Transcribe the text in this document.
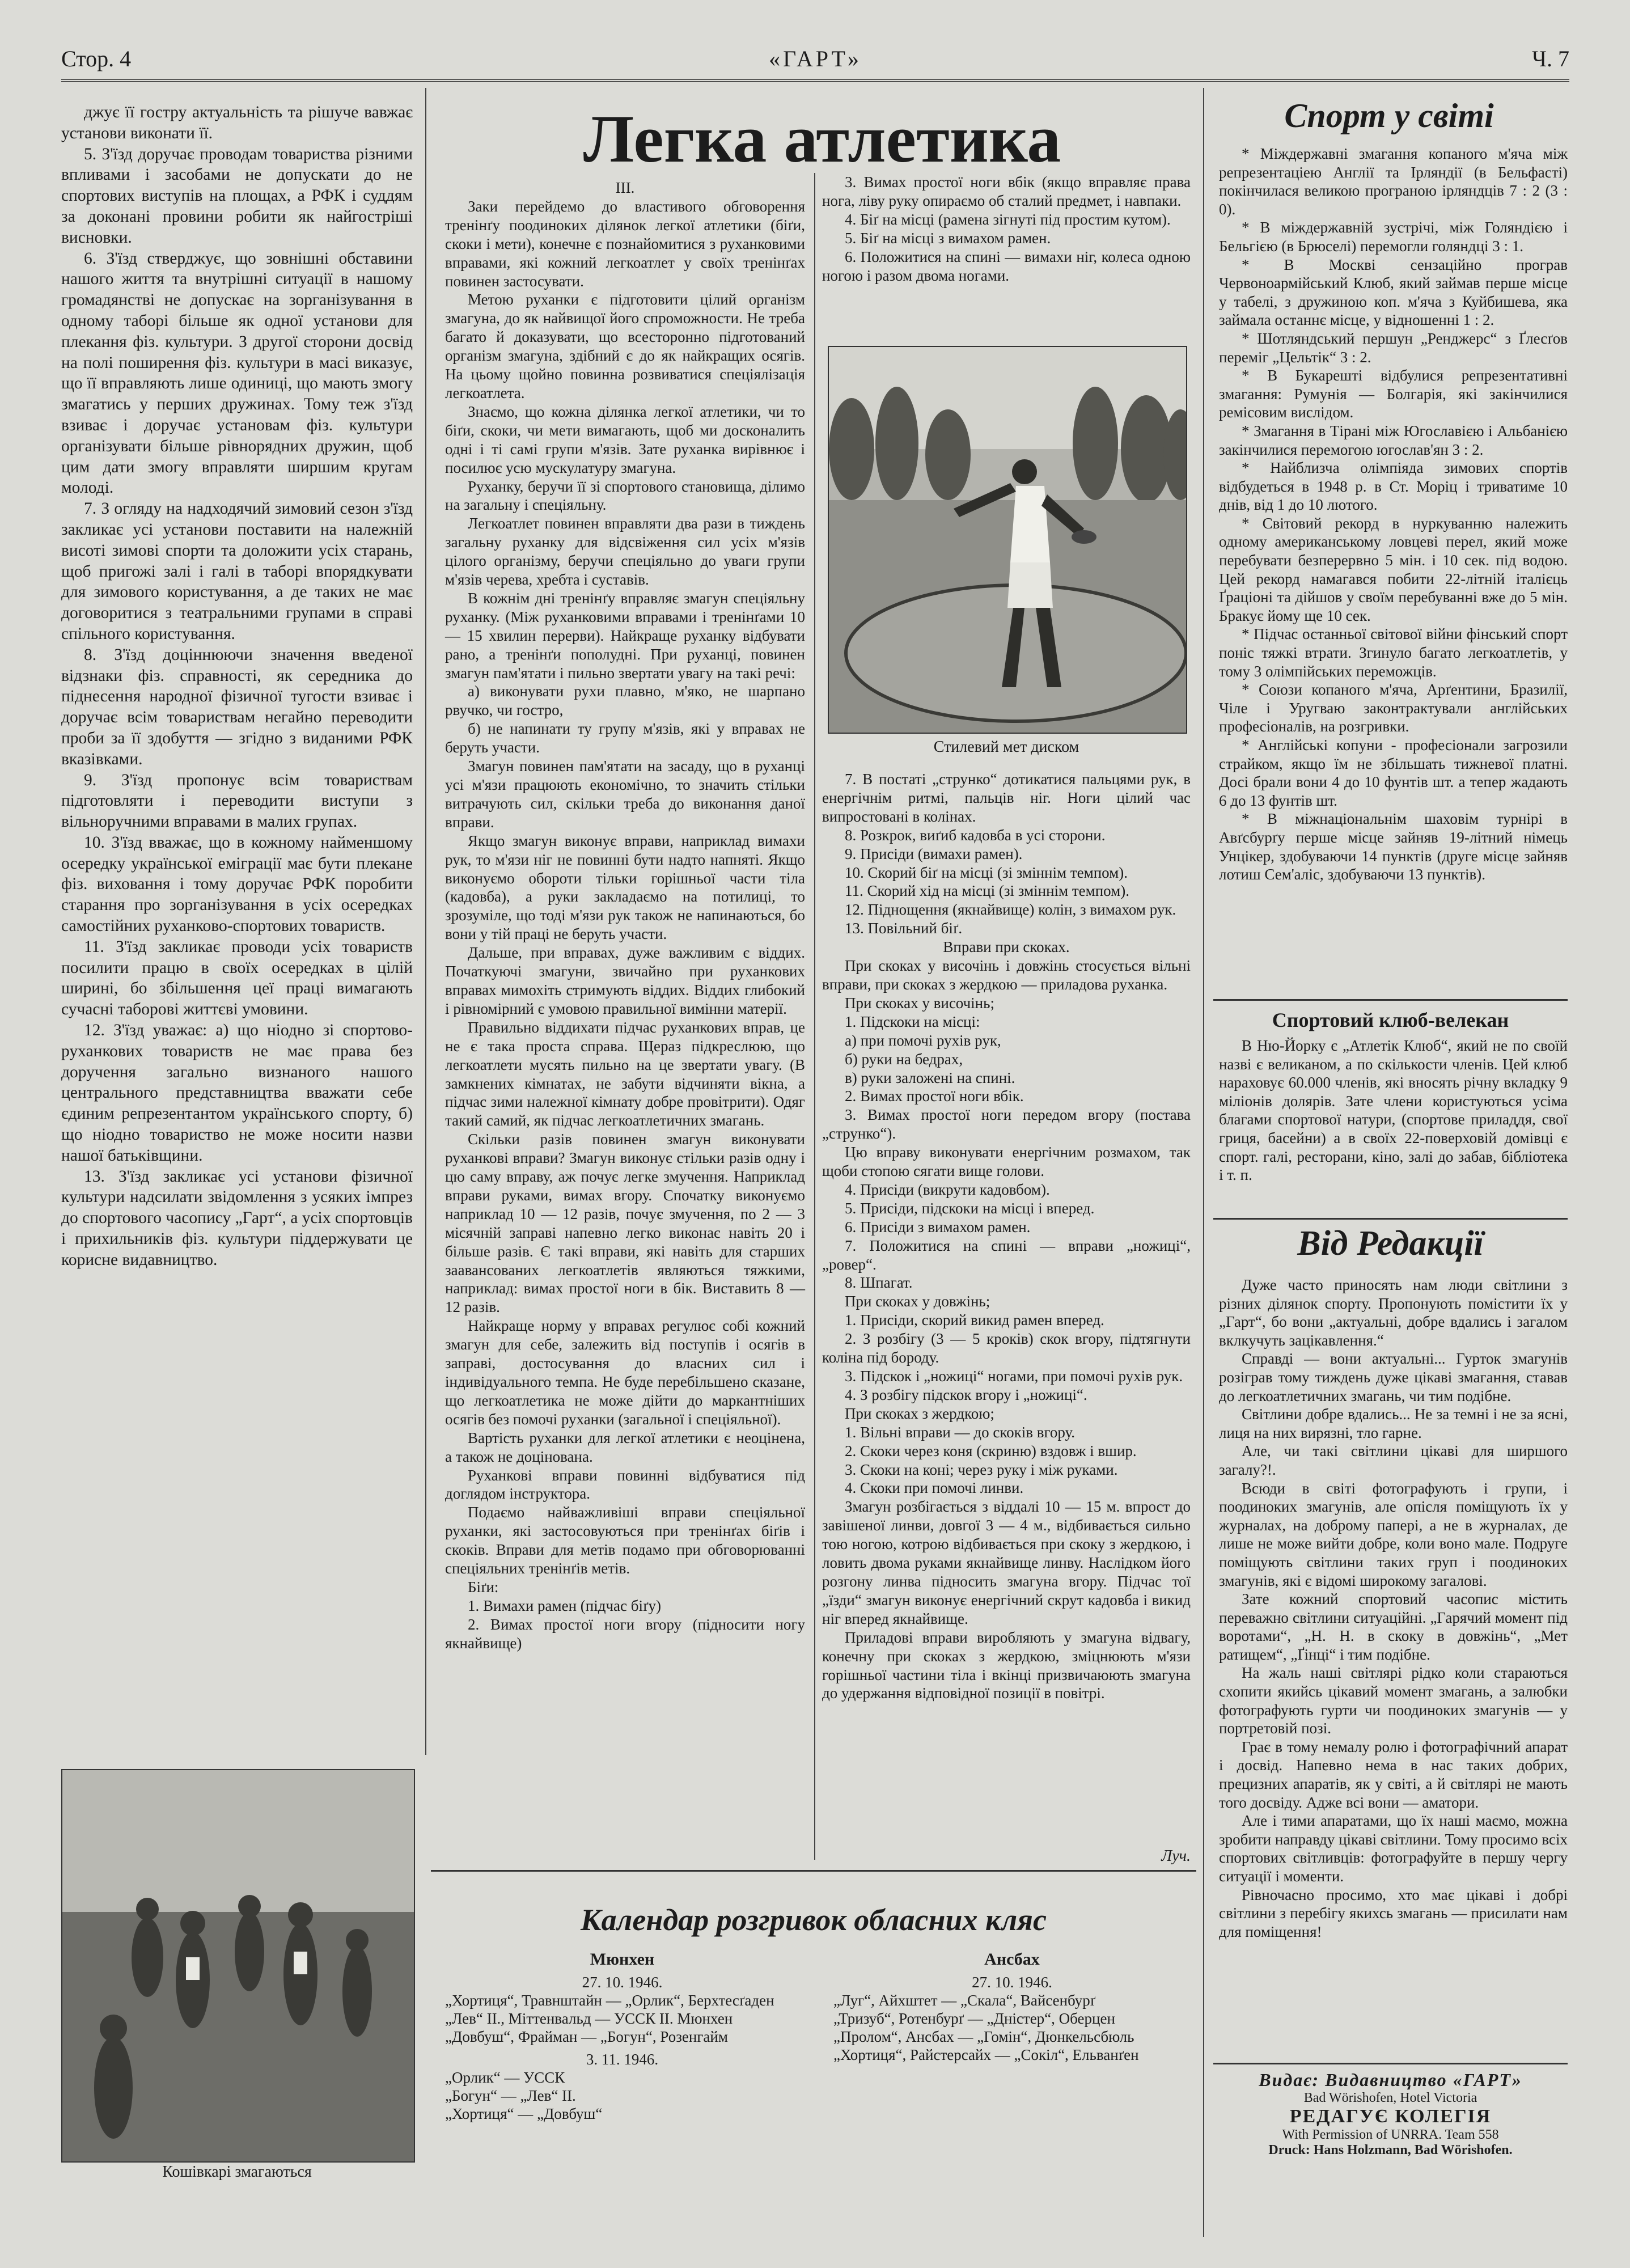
Стор. 4	«ГАРТ»	Ч. 7

джує її гостру актуальність та рішуче вавжає установи виконати її.

5. З'їзд доручає проводам товариства різними впливами і засобами не допускати до не спортових виступів на площах, а РФК і суддям за доконані провини робити як найгостріші висновки.

6. З'їзд стверджує, що зовнішні обставини нашого життя та внутрішні ситуації в нашому громадянстві не допускає на зорганізування в одному таборі більше як одної установи для плекання фіз. культури. З другої сторони досвід на полі поширення фіз. культури в масі виказує, що її вправляють лише одиниці, що мають змогу змагатись у перших дружинах. Тому теж з'їзд взиває і доручає установам фіз. культури організувати більше рівнорядних дружин, щоб цим дати змогу вправляти ширшим кругам молоді.

7. З огляду на надходячий зимовий сезон з'їзд закликає усі установи поставити на належній висоті зимові спорти та доложити усіх старань, щоб пригожі залі і галі в таборі впорядкувати для зимового користування, а де таких не має договоритися з театральними групами в справі спільного користування.

8. З'їзд доціннюючи значення введеної відзнаки фіз. справності, як середника до піднесення народної фізичної тугости взиває і доручає всім товариствам негайно переводити проби за її здобуття — згідно з виданими РФК вказівками.

9. З'їзд пропонує всім товариствам підготовляти і переводити виступи з вільноручними вправами в малих групах.

10. З'їзд вважає, що в кожному найменшому осередку української еміграції має бути плекане фіз. виховання і тому доручає РФК поробити старання про зорганізування в усіх осередках самостійних руханково-спортових товариств.

11. З'їзд закликає проводи усіх товариств посилити працю в своїх осередках в цілій ширині, бо збільшення цеї праці вимагають сучасні таборові життєві умовини.

12. З'їзд уважає: а) що ніодно зі спортово-руханкових товариств не має права без доручення загально визнаного нашого центрального представництва вважати себе єдиним репрезентантом українського спорту, б) що ніодно товариство не може носити назви нашої батьківщини.

13. З'їзд закликає усі установи фізичної культури надсилати звідомлення з усяких імпрез до спортового часопису „Гарт“, а усіх спортовців і прихильників фіз. культури піддержувати це корисне видавництво.

Кошівкарі змагаються
Легка атлетика

III.

Заки перейдемо до властивого обговорення тренінґу поодиноких ділянок легкої атлетики (біґи, скоки і мети), конечне є познайомитися з руханковими вправами, які кожний легкоатлет у своїх тренінґах повинен застосувати.

Метою руханки є підготовити цілий організм змагуна, до як найвищої його спроможности. Не треба багато й доказувати, що всесторонно підготований організм змагуна, здібний є до як найкращих осягів. На цьому щойно повинна розвиватися спеціялізація легкоатлета.

Знаємо, що кожна ділянка легкої атлетики, чи то біґи, скоки, чи мети вимагають, щоб ми досконалить одні і ті самі групи м'язів. Зате руханка вирівнює і посилює усю мускулатуру змагуна.

Руханку, беручи її зі спортового становища, ділимо на загальну і спеціяльну.

Легкоатлет повинен вправляти два рази в тиждень загальну руханку для відсвіження сил усіх м'язів цілого організму, беручи спеціяльно до уваги групи м'язів черева, хребта і суставів.

В кожнім дні тренінґу вправляє змагун спеціяльну руханку. (Між руханковими вправами і тренінґами 10 — 15 хвилин перерви). Найкраще руханку відбувати рано, а тренінґи пополудні. При руханці, повинен змагун пам'ятати і пильно звертати увагу на такі речі:

а) виконувати рухи плавно, м'яко, не шарпано рвучко, чи гостро,

б) не напинати ту групу м'язів, які у вправах не беруть участи.

Змагун повинен пам'ятати на засаду, що в руханці усі м'язи працюють економічно, то значить стільки витрачують сил, скільки треба до виконання даної вправи.

Якщо змагун виконує вправи, наприклад вимахи рук, то м'язи ніг не повинні бути надто напняті. Якщо виконуємо обороти тільки горішньої части тіла (кадовба), а руки закладаємо на потилиці, то зрозуміле, що тоді м'язи рук також не напинаються, бо вони у тій праці не беруть участи.

Дальше, при вправах, дуже важливим є віддих. Початкуючі змагуни, звичайно при руханкових вправах мимохіть стримують віддих. Віддих глибокий і рівномірний є умовою правильної вимінни матерії.

Правильно віддихати підчас руханкових вправ, це не є така проста справа. Щераз підкреслюю, що легкоатлети мусять пильно на це звертати увагу. (В замкнених кімнатах, не забути відчиняти вікна, а підчас зими належної кімнату добре провітрити). Одяг такий самий, як підчас легкоатлетичних змагань.

Скільки разів повинен змагун виконувати руханкові вправи? Змагун виконує стільки разів одну і цю саму вправу, аж почує легке змучення. Наприклад вправи руками, вимах вгору. Спочатку виконуємо наприклад 10 — 12 разів, почує змучення, по 2 — 3 місячній заправі напевно легко виконає навіть 20 і більше разів. Є такі вправи, які навіть для старших заавансованих легкоатлетів являються тяжкими, наприклад: вимах простої ноги в бік. Виставить 8 — 12 разів.

Найкраще норму у вправах регулює собі кожний змагун для себе, залежить від поступів і осягів в заправі, достосування до власних сил і індивідуального темпа. Не буде перебільшено сказане, що легкоатлетика не може дійти до маркантніших осягів без помочі руханки (загальної і спеціяльної).

Вартість руханки для легкої атлетики є неоцінена, а також не доцінована.

Руханкові вправи повинні відбуватися під доглядом інструктора.

Подаємо найважливіші вправи спеціяльної руханки, які застосовуються при тренінґах біґів і скоків. Вправи для метів подамо при обговорюванні спеціяльних тренінґів метів.

Біґи:

1. Вимахи рамен (підчас біґу)

2. Вимах простої ноги вгору (підносити ногу якнайвище)

3. Вимах простої ноги вбік (якщо вправляє права нога, ліву руку опираємо об сталий предмет, і навпаки.

4. Біґ на місці (рамена зігнуті під простим кутом).

5. Біґ на місці з вимахом рамен.

6. Положитися на спині — вимахи ніг, колеса одною ногою і разом двома ногами.

Стилевий мет диском

7. В постаті „струнко“ дотикатися пальцями рук, в енергічнім ритмі, пальців ніг. Ноги цілий час випростовані в колінах.

8. Розкрок, виґиб кадовба в усі сторони.

9. Присіди (вимахи рамен).

10. Скорий біґ на місці (зі зміннім темпом).

11. Скорий хід на місці (зі зміннім темпом).

12. Піднощення (якнайвище) колін, з вимахом рук.

13. Повільний біґ.

Вправи при скоках.

При скоках у височінь і довжінь стосується вільні вправи, при скоках з жердкою — приладова руханка.

При скоках у височінь;

1. Підскоки на місці:

а) при помочі рухів рук,

б) руки на бедрах,

в) руки заложені на спині.

2. Вимах простої ноги вбік.

3. Вимах простої ноги передом вгору (постава „струнко“).

Цю вправу виконувати енергічним розмахом, так щоби стопою сягати вище голови.

4. Присіди (викрути кадовбом).

5. Присіди, підскоки на місці і вперед.

6. Присіди з вимахом рамен.

7. Положитися на спині — вправи „ножиці“, „ровер“.

8. Шпагат.

При скоках у довжінь;

1. Присіди, скорий викид рамен вперед.

2. З розбігу (3 — 5 кроків) скок вгору, підтягнути коліна під бороду.

3. Підскок і „ножиці“ ногами, при помочі рухів рук.

4. З розбігу підскок вгору і „ножиці“.

При скоках з жердкою;

1. Вільні вправи — до скоків вгору.

2. Скоки через коня (скриню) вздовж і вшир.

3. Скоки на коні; через руку і між руками.

4. Скоки при помочі линви.

Змагун розбігається з віддалі 10 — 15 м. впрост до завішеної линви, довгої 3 — 4 м., відбивається сильно тою ногою, котрою відбивається при скоку з жердкою, і ловить двома руками якнайвище линву. Наслідком його розгону линва підносить змагуна вгору. Підчас тої „їзди“ змагун виконує енергічний скрут кадовба і викид ніг вперед якнайвище.

Приладові вправи виробляють у змагуна відвагу, конечну при скоках з жердкою, зміцнюють м'язи горішньої частини тіла і вкінці призвичаюють змагуна до удержання відповідної позиції в повітрі.

Луч.
Календар розгривок обласних кляс
Мюнхен
27. 10. 1946.

„Хортиця“, Травнштайн — „Орлик“, Берхтесґаден

„Лев“ II., Міттенвальд — УССК II. Мюнхен

„Довбуш“, Фрайман — „Богун“, Розенгайм

3. 11. 1946.

„Орлик“ — УССК

„Богун“ — „Лев“ II.

„Хортиця“ — „Довбуш“

Ансбах
27. 10. 1946.

„Луг“, Айхштет — „Скала“, Вайсенбурґ

„Тризуб“, Ротенбурґ — „Дністер“, Оберцен

„Пролом“, Ансбах — „Гомін“, Дюнкельсбюль

„Хортиця“, Райстерсайх — „Сокіл“, Ельванґен

Спорт у світі

* Міждержавні змагання копаного м'яча між репрезентаціею Англії та Ірляндії (в Бельфасті) покінчилася великою програною ірляндців 7 : 2 (3 : 0).

* В міждержавній зустрічі, між Голяндією і Бельгією (в Брюселі) перемогли голяндці 3 : 1.

* В Москві сензаційно програв Червоноармійський Клюб, який займав перше місце у табелі, з дружиною коп. м'яча з Куйбишева, яка займала останнє місце, у відношенні 1 : 2.

* Шотляндський першун „Ренджерс“ з Ґлесґов переміг „Цельтік“ 3 : 2.

* В Букарешті відбулися репрезентативні змагання: Румунія — Болгарія, які закінчилися ремісовим вислідом.

* Змагання в Тірані між Югославією і Альбанією закінчилися перемогою югослав'ян 3 : 2.

* Найблизча олімпіяда зимових спортів відбудеться в 1948 р. в Ст. Моріц і триватиме 10 днів, від 1 до 10 лютого.

* Світовий рекорд в нуркуванню належить одному американському ловцеві перел, який може перебувати безперервно 5 мін. і 10 сек. під водою. Цей рекорд намагався побити 22-літній італієць Ґраціоні та дійшов у своїм перебуванні вже до 5 мін. Бракує йому ще 10 сек.

* Підчас останньої світової війни фінський спорт поніс тяжкі втрати. Згинуло багато легкоатлетів, у тому 3 олімпійських переможців.

* Союзи копаного м'яча, Арґентини, Бразилії, Чіле і Уругваю законтрактували англійських професіоналів, на розгривки.

* Англійські копуни - професіонали загрозили страйком, якщо їм не збільшать тижневої платні. Досі брали вони 4 до 10 фунтів шт. а тепер жадають 6 до 13 фунтів шт.

* В міжнаціональнім шаховім турнірі в Авґсбурґу перше місце зайняв 19-літний німець Унцікер, здобуваючи 14 пунктів (друге місце зайняв лотиш Сем'аліс, здобуваючи 13 пунктів).

Спортовий клюб-велекан

В Ню-Йорку є „Атлетік Клюб“, який не по своїй назві є великаном, а по скількости членів. Цей клюб нараховує 60.000 членів, які вносять річну вкладку 9 міліонів долярів. Зате члени користуються усіма благами спортової натури, (спортове приладдя, свої гриця, басейни) а в своїх 22-поверховій домівці є спорт. галі, ресторани, кіно, залі до забав, бібліотека і т. п.

Від Редакції

Дуже часто приносять нам люди світлини з різних ділянок спорту. Пропонують помістити їх у „Гарт“, бо вони „актуальні, добре вдались і загалом вклкучуть зацікавлення.“

Справді — вони актуальні... Гурток змагунів розіграв тому тиждень дуже цікаві змагання, ставав до легкоатлетичних змагань, чи тим подібне.

Світлини добре вдались... Не за темні і не за ясні, лиця на них вирязні, тло гарне.

Але, чи такі світлини цікаві для ширшого загалу?!.

Всюди в світі фотографують і групи, і поодиноких змагунів, але опісля поміщують їх у журналах, на доброму папері, а не в журналах, де лише не може вийти добре, коли воно мале. Подруге поміщують світлини таких груп і поодиноких змагунів, які є відомі широкому загалові.

Зате кожний спортовий часопис містить переважно світлини ситуаційні. „Гарячий момент під воротами“, „Н. Н. в скоку в довжінь“, „Мет ратищем“, „Ґінці“ і тим подібне.

На жаль наші світлярі рідко коли стараються схопити якийсь цікавий момент змагань, а залюбки фотографують гурти чи поодиноких змагунів — у портретовій позі.

Грає в тому немалу ролю і фотографічний апарат і досвід. Напевно нема в нас таких добрих, прецизних апаратів, як у світі, а й світлярі не мають того досвіду. Адже всі вони — аматори.

Але і тими апаратами, що їх наші маємо, можна зробити направду цікаві світлини. Тому просимо всіх спортових світливців: фотографуйте в першу чергу ситуації і моменти.

Рівночасно просимо, хто має цікаві і добрі світлини з перебігу якихсь змагань — присилати нам для поміщення!

Видає: Видавництво «ГАРТ»
Bad Wörishofen, Hotel Victoria
РЕДАГУЄ КОЛЕГІЯ
With Permission of UNRRA. Team 558
Druck: Hans Holzmann, Bad Wörishofen.
